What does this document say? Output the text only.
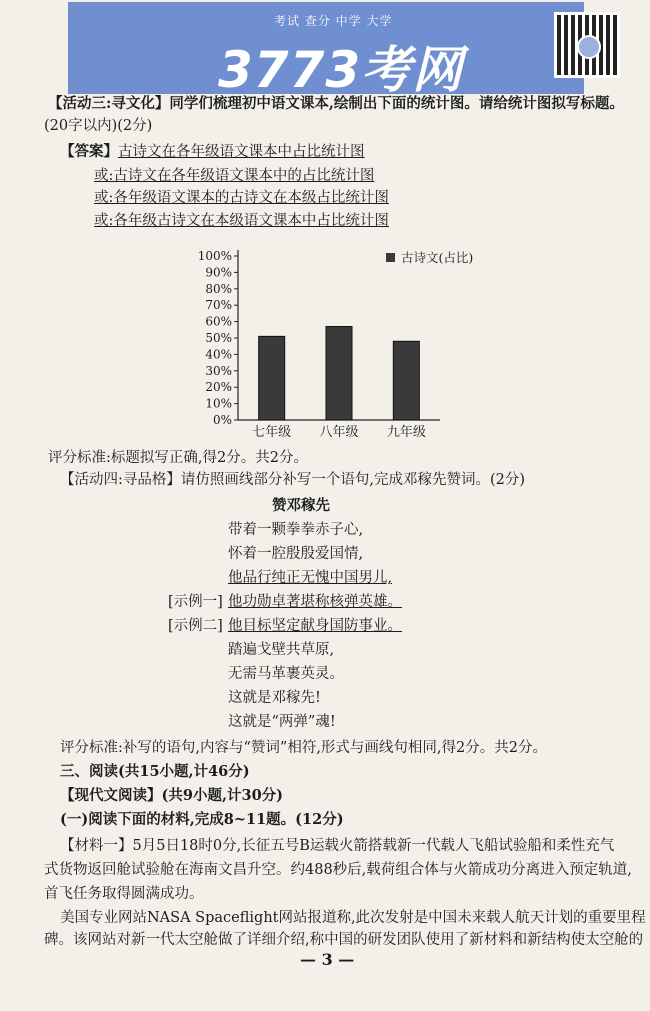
考试 查分 中学 大学
3773考网
【活动三:寻文化】同学们梳理初中语文课本,绘制出下面的统计图。请给统计图拟写标题。
(20字以内)(2分)
【答案】 古诗文在各年级语文课本中占比统计图
或:古诗文在各年级语文课本中的占比统计图
或:各年级语文课本的古诗文在本级占比统计图
或:各年级古诗文在本级语文课本中占比统计图
0%
10%
20%
30%
40%
50%
60%
70%
80%
90%
100%
七年级 八年级 九年级
古诗文(占比)
评分标准:标题拟写正确,得2分。共2分。
【活动四:寻品格】请仿照画线部分补写一个语句,完成邓稼先赞词。(2分)
赞邓稼先
带着一颗拳拳赤子心,
怀着一腔殷殷爱国情,
他品行纯正无愧中国男儿,
[示例一] 他功勋卓著堪称核弹英雄。
[示例二] 他目标坚定献身国防事业。
踏遍戈壁共草原,
无需马革裹英灵。
这就是邓稼先!
这就是“两弹”魂!
评分标准:补写的语句,内容与“赞词”相符,形式与画线句相同,得2分。共2分。
三、阅读(共15小题,计46分)
【现代文阅读】(共9小题,计30分)
(一)阅读下面的材料,完成8~11题。(12分)
【材料一】5月5日18时0分,长征五号B运载火箭搭载新一代载人飞船试验船和柔性充气
式货物返回舱试验舱在海南文昌升空。约488秒后,载荷组合体与火箭成功分离进入预定轨道,
首飞任务取得圆满成功。
美国专业网站NASA Spaceflight网站报道称,此次发射是中国未来载人航天计划的重要里程
碑。该网站对新一代太空舱做了详细介绍,称中国的研发团队使用了新材料和新结构使太空舱的
— 3 —
